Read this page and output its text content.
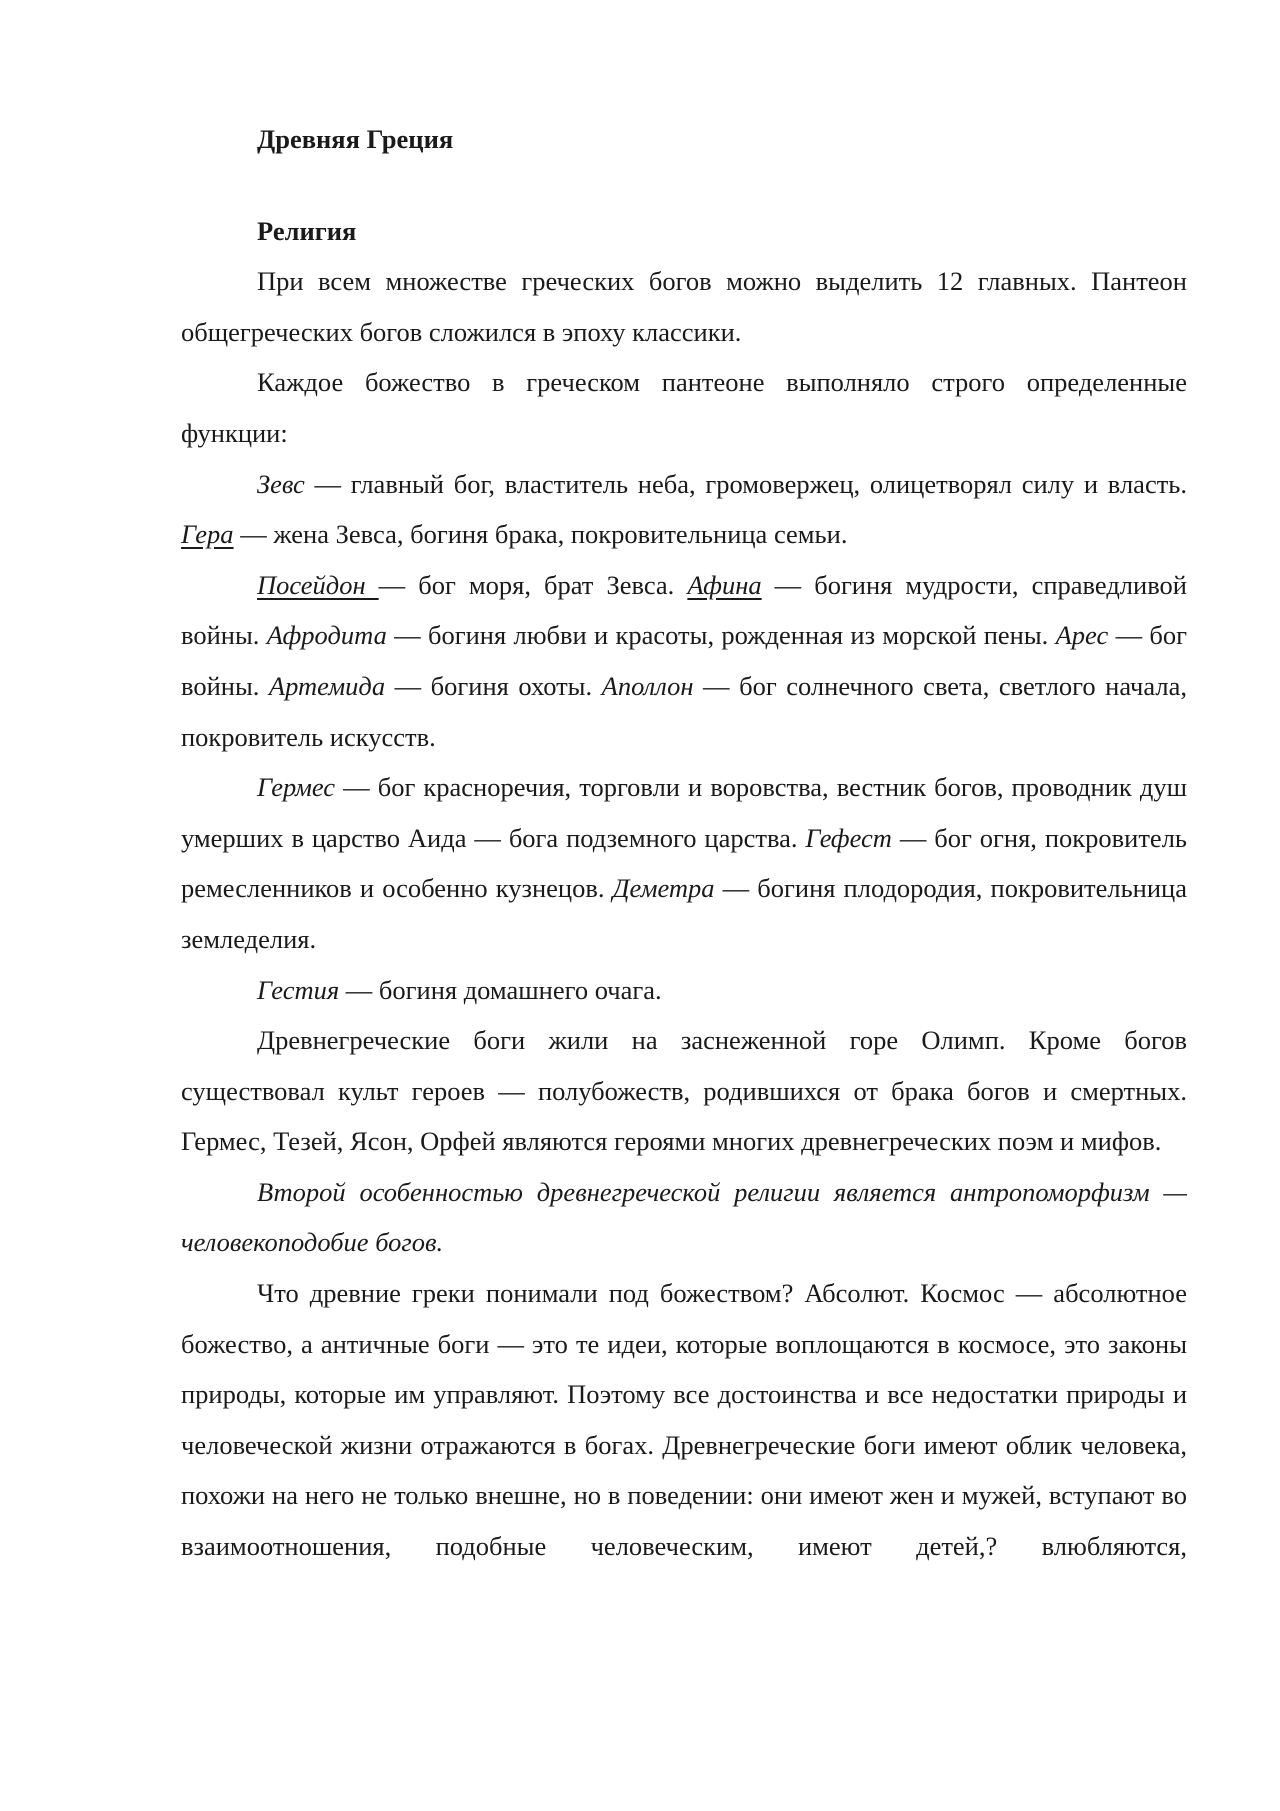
Древняя Греция

Религия

При всем множестве греческих богов можно выделить 12 главных. Пантеон общегреческих богов сложился в эпоху классики.

Каждое божество в греческом пантеоне выполняло строго определенные функции:

Зевс — главный бог, властитель неба, громовержец, олицетворял силу и власть. Гера — жена Зевса, богиня брака, покровительница семьи.

Посейдон — бог моря, брат Зевса. Афина — богиня мудрости, справедливой войны. Афродита — богиня любви и красоты, рожденная из морской пены. Арес — бог войны. Артемида — богиня охоты. Аполлон — бог солнечного света, светлого начала, покровитель искусств.

Гермес — бог красноречия, торговли и воровства, вестник богов, проводник душ умерших в царство Аида — бога подземного царства. Гефест — бог огня, покровитель ремесленников и особенно кузнецов. Деметра — богиня плодородия, покровительница земледелия.

Гестия — богиня домашнего очага.

Древнегреческие боги жили на заснеженной горе Олимп. Кроме богов существовал культ героев — полубожеств, родившихся от брака богов и смертных. Гермес, Тезей, Ясон, Орфей являются героями многих древнегреческих поэм и мифов.

Второй особенностью древнегреческой религии является антропоморфизм — человекоподобие богов.

Что древние греки понимали под божеством? Абсолют. Космос — абсолютное божество, а античные боги — это те идеи, которые воплощаются в космосе, это законы природы, которые им управляют. Поэтому все достоинства и все недостатки природы и человеческой жизни отражаются в богах. Древнегреческие боги имеют облик человека, похожи на него не только внешне, но в поведении: они имеют жен и мужей, вступают во взаимоотношения, подобные человеческим, имеют детей,? влюбляются,
